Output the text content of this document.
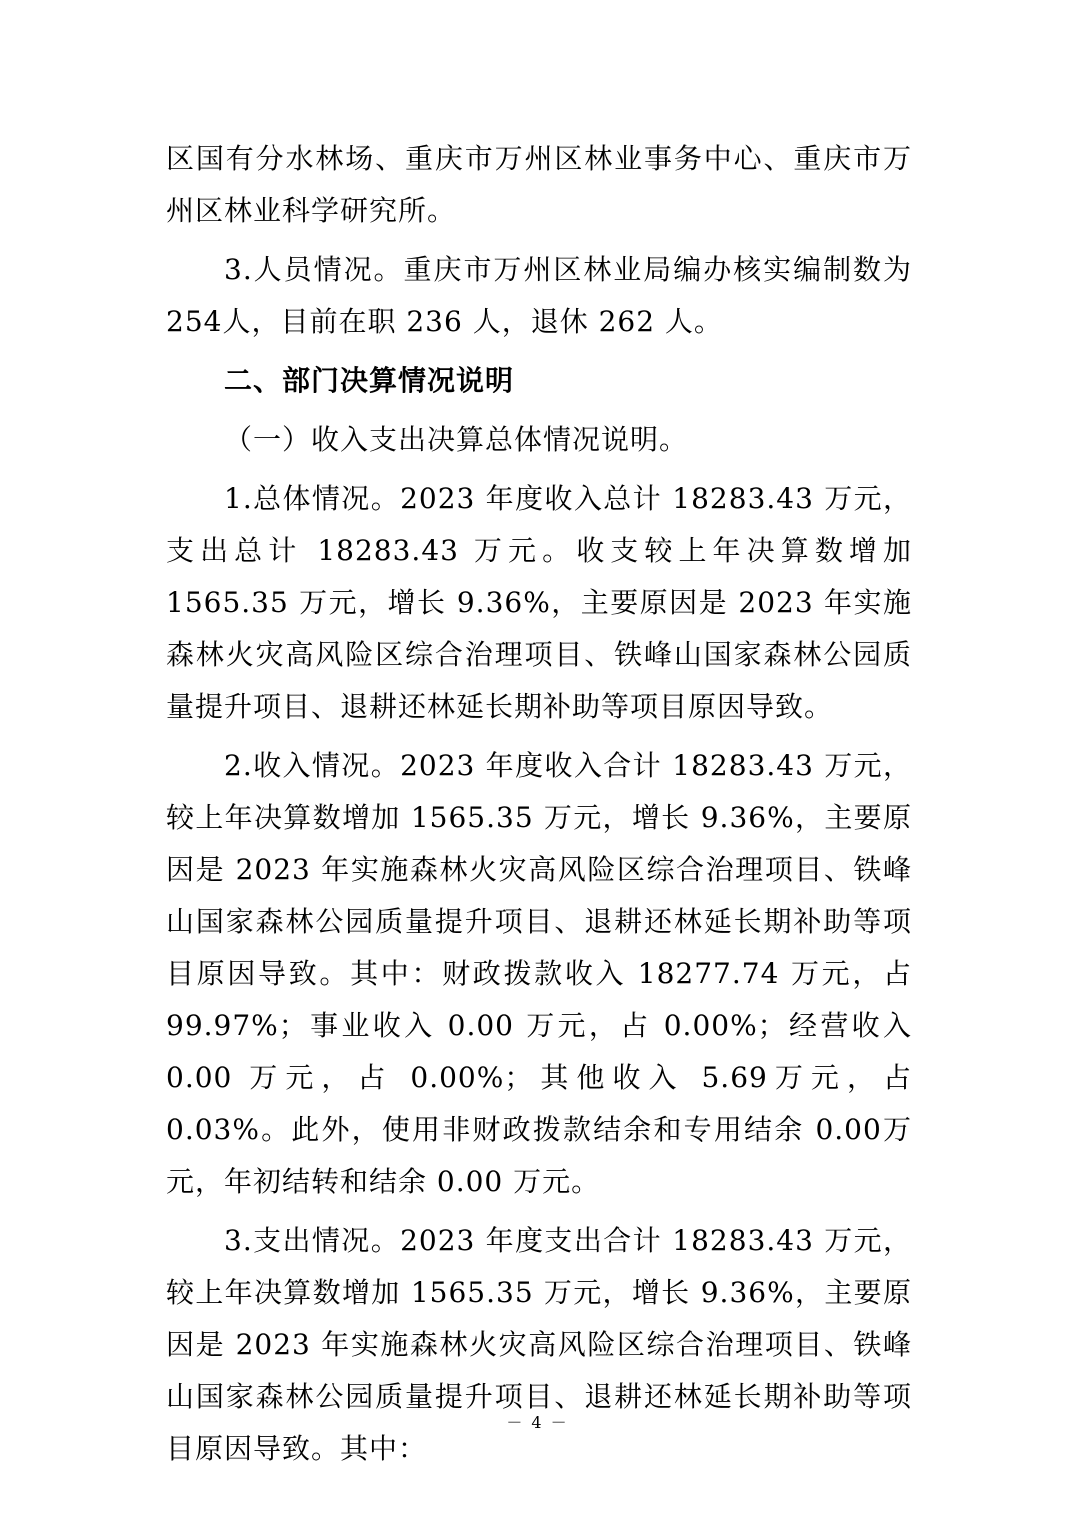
区国有分水林场、重庆市万州区林业事务中心、重庆市万州区林业科学研究所。

3.人员情况。重庆市万州区林业局编办核实编制数为 254人，目前在职 236 人，退休 262 人。

二、部门决算情况说明

（一）收入支出决算总体情况说明。

1.总体情况。2023 年度收入总计 18283.43 万元，支出总计 18283.43 万元。收支较上年决算数增加 1565.35 万元，增长 9.36%，主要原因是 2023 年实施森林火灾高风险区综合治理项目、铁峰山国家森林公园质量提升项目、退耕还林延长期补助等项目原因导致。

2.收入情况。2023 年度收入合计 18283.43 万元，较上年决算数增加 1565.35 万元，增长 9.36%，主要原因是 2023 年实施森林火灾高风险区综合治理项目、铁峰山国家森林公园质量提升项目、退耕还林延长期补助等项目原因导致。其中：财政拨款收入 18277.74 万元，占 99.97%；事业收入 0.00 万元，占 0.00%；经营收入 0.00 万元，占 0.00%；其他收入 5.69万元，占 0.03%。此外，使用非财政拨款结余和专用结余 0.00万元，年初结转和结余 0.00 万元。

3.支出情况。2023 年度支出合计 18283.43 万元，较上年决算数增加 1565.35 万元，增长 9.36%，主要原因是 2023 年实施森林火灾高风险区综合治理项目、铁峰山国家森林公园质量提升项目、退耕还林延长期补助等项目原因导致。其中：

－ 4 －
